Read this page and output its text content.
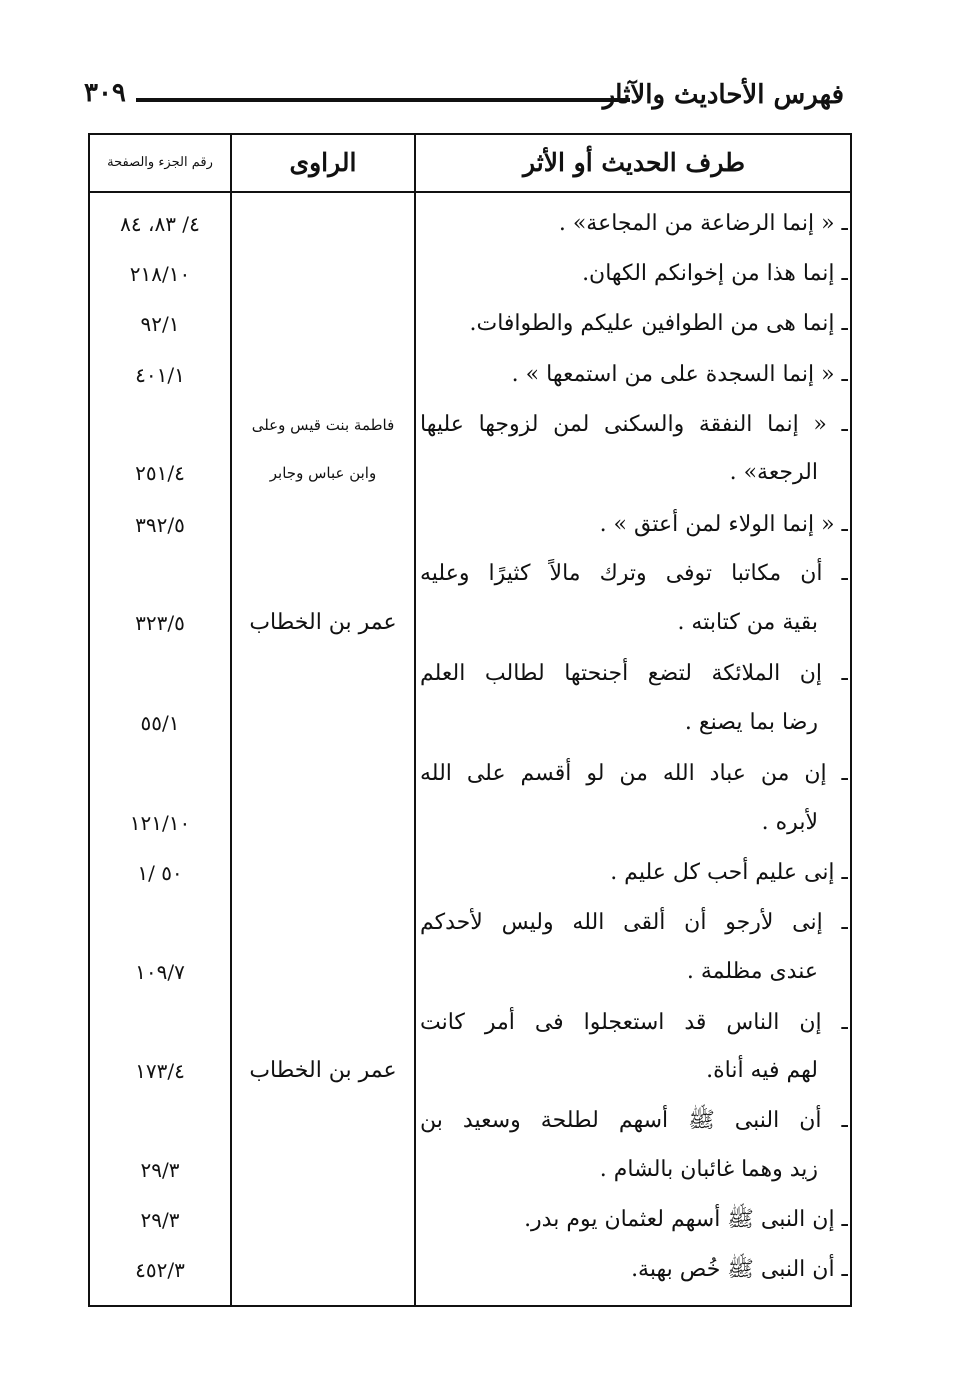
فهرس الأحاديث والآثار
٣٠٩
طرف الحديث أو الأثر
الراوى
رقم الجزء والصفحة
ـ « إنما الرضاعة من المجاعة» .
ـ إنما هذا من إخوانكم الكهان.
ـ إنما هى من الطوافين عليكم والطوافات.
ـ « إنما السجدة على من استمعها » .
ـ « إنما النفقة والسكنى لمن لزوجها عليها
الرجعة» .
ـ « إنما الولاء لمن أعتق » .
ـ أن مكاتبا توفى وترك مالاً كثيرًا وعليه
بقية من كتابته .
ـ إن الملائكة لتضع أجنحتها لطالب العلم
رضا بما يصنع .
ـ إن من عباد الله من لو أقسم على الله
لأبره .
ـ إنى عليم أحب كل عليم .
ـ إنى لأرجو أن ألقى الله وليس لأحدكم
عندى مظلمة .
ـ إن الناس قد استعجلوا فى أمر كانت
لهم فيه أناة.
ـ أن النبى ﷺ أسهم لطلحة وسعيد بن
زيد وهما غائبان بالشام .
ـ إن النبى ﷺ أسهم لعثمان يوم بدر.
ـ أن النبى ﷺ خُص بهبة.
فاطمة بنت قيس وعلى
وابن عباس وجابر
عمر بن الخطاب
عمر بن الخطاب
٤/ ٨٣، ٨٤
٢١٨/١٠
٩٢/١
٤٠١/١
٢٥١/٤
٣٩٢/٥
٣٢٣/٥
٥٥/١
١٢١/١٠
٥٠ /١
١٠٩/٧
١٧٣/٤
٢٩/٣
٢٩/٣
٤٥٢/٣
